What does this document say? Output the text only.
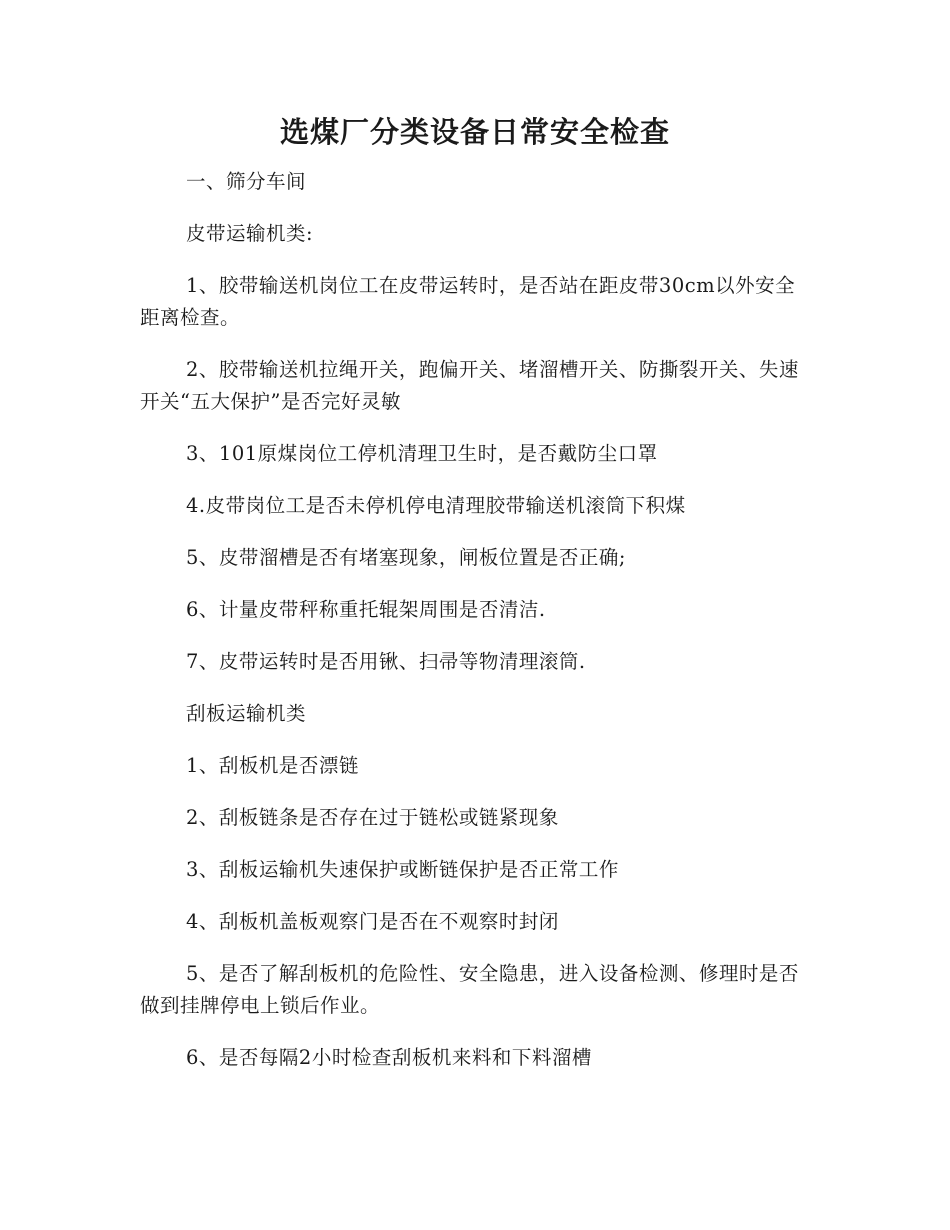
选煤厂分类设备日常安全检查

一、筛分车间

皮带运输机类:

1、胶带输送机岗位工在皮带运转时，是否站在距皮带30cm以外安全距离检查。

2、胶带输送机拉绳开关，跑偏开关、堵溜槽开关、防撕裂开关、失速开关“五大保护”是否完好灵敏

3、101原煤岗位工停机清理卫生时，是否戴防尘口罩

4.皮带岗位工是否未停机停电清理胶带输送机滚筒下积煤

5、皮带溜槽是否有堵塞现象，闸板位置是否正确;

6、计量皮带秤称重托辊架周围是否清洁.

7、皮带运转时是否用锹、扫帚等物清理滚筒.

刮板运输机类

1、刮板机是否漂链

2、刮板链条是否存在过于链松或链紧现象

3、刮板运输机失速保护或断链保护是否正常工作

4、刮板机盖板观察门是否在不观察时封闭

5、是否了解刮板机的危险性、安全隐患，进入设备检测、修理时是否做到挂牌停电上锁后作业。

6、是否每隔2小时检查刮板机来料和下料溜槽
